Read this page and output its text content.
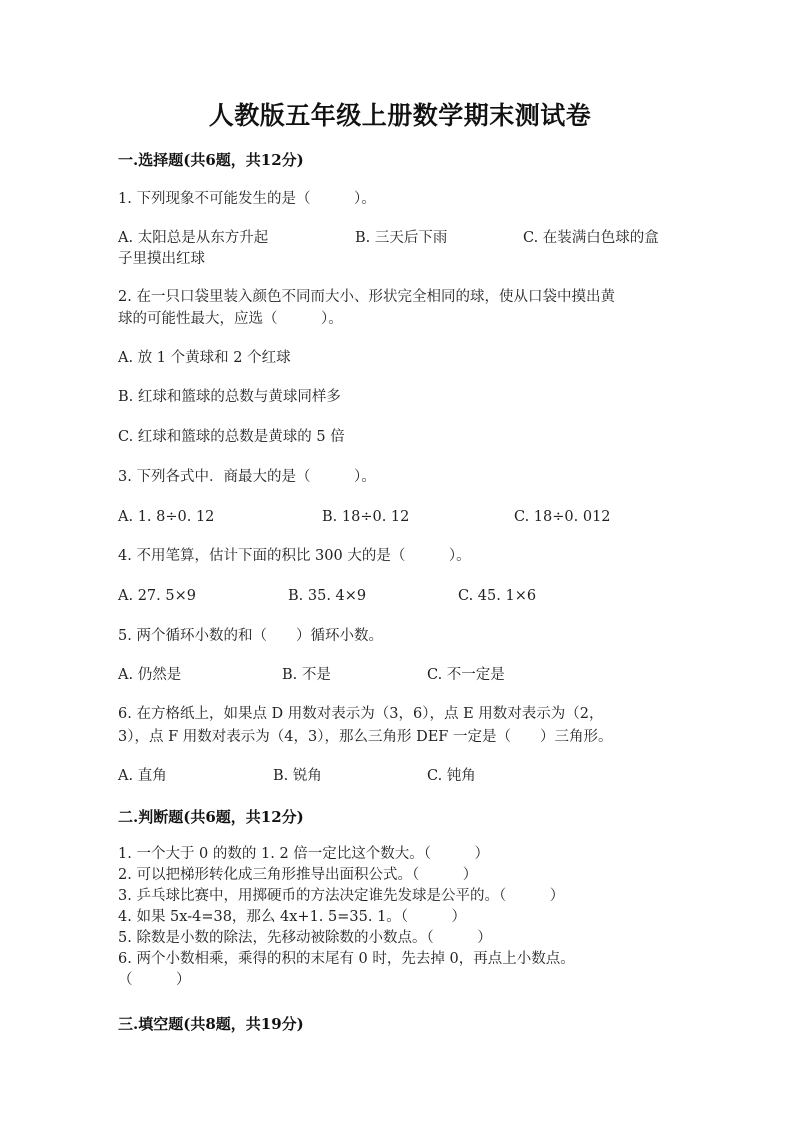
人教版五年级上册数学期末测试卷
一.选择题(共6题，共12分)
1. 下列现象不可能发生的是（　　　）。
A. 太阳总是从东方升起	B. 三天后下雨	C. 在装满白色球的盒
子里摸出红球
2. 在一只口袋里装入颜色不同而大小、形状完全相同的球，使从口袋中摸出黄
球的可能性最大，应选（　　　）。
A. 放 1 个黄球和 2 个红球
B. 红球和篮球的总数与黄球同样多
C. 红球和篮球的总数是黄球的 5 倍
3. 下列各式中．商最大的是（　　　）。
A. 1. 8÷0. 12	B. 18÷0. 12	C. 18÷0. 012
4. 不用笔算，估计下面的积比 300 大的是（　　　）。
A. 27. 5×9	B. 35. 4×9	C. 45. 1×6
5. 两个循环小数的和（　　）循环小数。
A. 仍然是	B. 不是	C. 不一定是
6. 在方格纸上，如果点 D 用数对表示为（3，6），点 E 用数对表示为（2，
3），点 F 用数对表示为（4，3），那么三角形 DEF 一定是（　　）三角形。
A. 直角	B. 锐角	C. 钝角
二.判断题(共6题，共12分)
1. 一个大于 0 的数的 1. 2 倍一定比这个数大。（　　　）
2. 可以把梯形转化成三角形推导出面积公式。（　　　）
3. 乒乓球比赛中，用掷硬币的方法决定谁先发球是公平的。（　　　）
4. 如果 5x-4=38，那么 4x+1. 5=35. 1。（　　　）
5. 除数是小数的除法，先移动被除数的小数点。（　　　）
6. 两个小数相乘，乘得的积的末尾有 0 时，先去掉 0，再点上小数点。
（　　　）
三.填空题(共8题，共19分)
